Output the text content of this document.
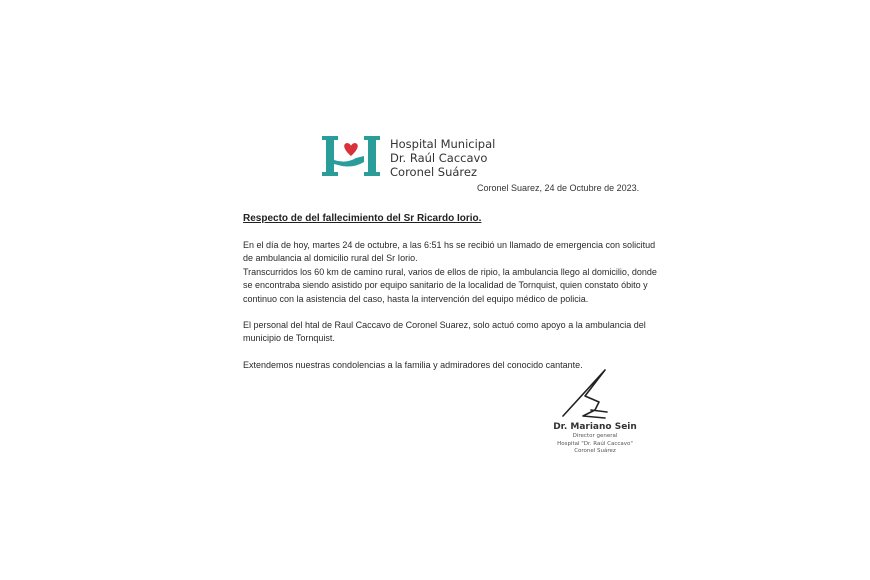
Hospital Municipal
Dr. Raúl Caccavo
Coronel Suárez
Coronel Suarez, 24 de Octubre de 2023.
Respecto de del fallecimiento del Sr Ricardo Iorio.

En el día de hoy, martes 24 de octubre, a las 6:51 hs se recibió un llamado de emergencia con solicitud de ambulancia al domicilio rural del Sr Iorio.

Transcurridos los 60 km de camino rural, varios de ellos de ripio, la ambulancia llego al domicilio, donde se encontraba siendo asistido por equipo sanitario de la localidad de Tornquist, quien constato óbito y continuo con la asistencia del caso, hasta la intervención del equipo médico de policia.

El personal del htal de Raul Caccavo de Coronel Suarez, solo actuó como apoyo a la ambulancia del municipio de Tornquist.

Extendemos nuestras condolencias a la familia y admiradores del conocido cantante.

Dr. Mariano Sein
Director general
Hospital "Dr. Raúl Caccavo"
Coronel Suárez
